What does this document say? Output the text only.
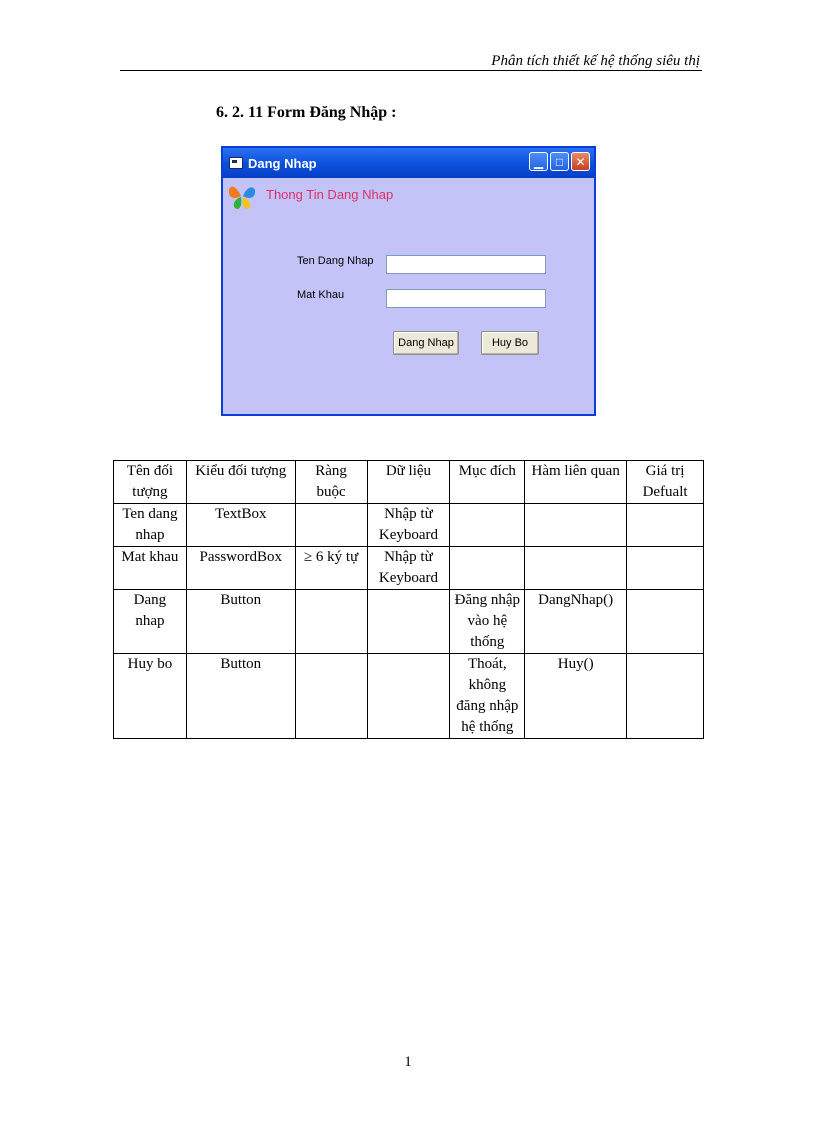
Phân tích thiết kế hệ thống siêu thị
6. 2. 11 Form Đăng Nhập :
Dang Nhap	▁	□	✕
Thong Tin Dang Nhap
Ten Dang Nhap
Mat Khau
Dang Nhap	Huy Bo
Tên đối tượng	Kiểu đối tượng	Ràng buộc	Dữ liệu	Mục đích	Hàm liên quan	Giá trị Defualt
Ten dang nhap	TextBox		Nhập từ Keyboard			
Mat khau	PasswordBox	≥ 6 ký tự	Nhập từ Keyboard			
Dang nhap	Button			Đăng nhập vào hệ thống	DangNhap()	
Huy bo	Button			Thoát, không đăng nhập hệ thống	Huy()	
1
